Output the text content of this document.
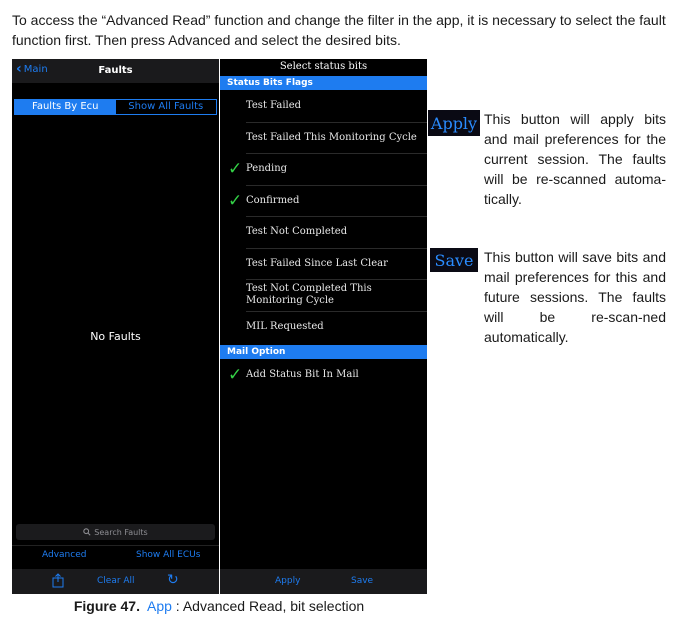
To access the “Advanced Read” function and change the filter in the app, it is necessary to select the fault function first. Then press Advanced and select the desired bits.

‹ Main	Faults
Faults By Ecu	Show All Faults
No Faults
Search Faults
Advanced	Show All ECUs
Clear All ↻
Select status bits
Status Bits Flags
Test Failed
Test Failed This Monitoring Cycle
✓ Pending
✓ Confirmed
Test Not Completed
Test Failed Since Last Clear
Test Not Completed This Monitoring Cycle
MIL Requested
Mail Option
✓ Add Status Bit In Mail
Apply	Save
Apply This button will apply bits and mail preferences for the current session. The faults will be re-scanned automa-tically.

Save This button will save bits and mail preferences for this and future sessions. The faults will be re-scan-ned automatically.

Figure 47. App : Advanced Read, bit selection
